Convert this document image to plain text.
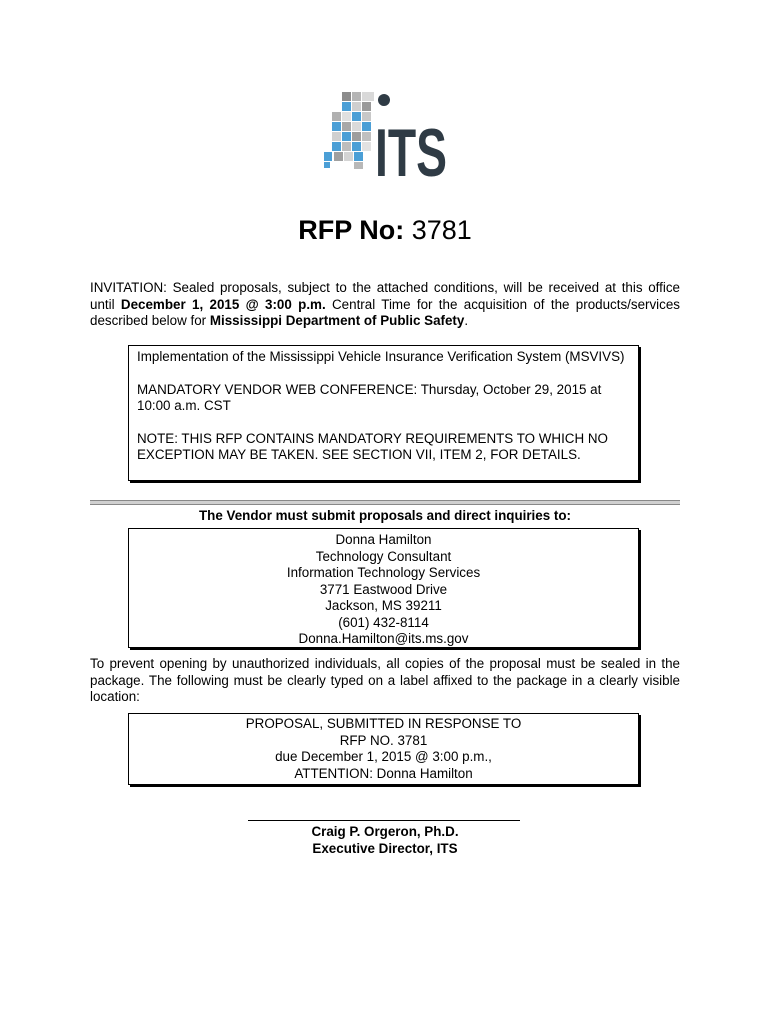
ITS
RFP No: 3781
INVITATION: Sealed proposals, subject to the attached conditions, will be received at this office until December 1, 2015 @ 3:00 p.m. Central Time for the acquisition of the products/services described below for Mississippi Department of Public Safety.

Implementation of the Mississippi Vehicle Insurance Verification System (MSVIVS)

MANDATORY VENDOR WEB CONFERENCE: Thursday, October 29, 2015 at 10:00 a.m. CST

NOTE: THIS RFP CONTAINS MANDATORY REQUIREMENTS TO WHICH NO EXCEPTION MAY BE TAKEN. SEE SECTION VII, ITEM 2, FOR DETAILS.

The Vendor must submit proposals and direct inquiries to:
Donna Hamilton
Technology Consultant
Information Technology Services
3771 Eastwood Drive
Jackson, MS 39211
(601) 432-8114
Donna.Hamilton@its.ms.gov
To prevent opening by unauthorized individuals, all copies of the proposal must be sealed in the package. The following must be clearly typed on a label affixed to the package in a clearly visible location:
PROPOSAL, SUBMITTED IN RESPONSE TO
RFP NO. 3781
due December 1, 2015 @ 3:00 p.m.,
ATTENTION: Donna Hamilton
Craig P. Orgeron, Ph.D.
Executive Director, ITS
